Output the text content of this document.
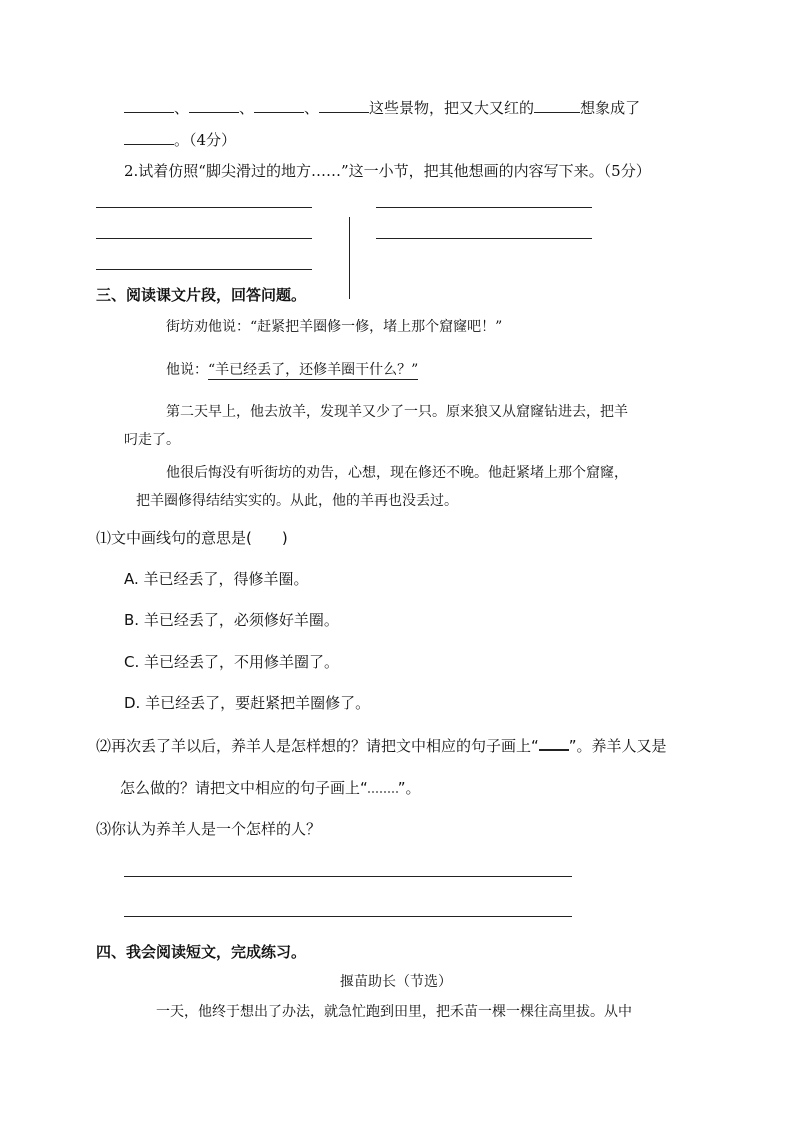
、	、	、	这些景物，把又大又红的	想象成了
。（4分）
2.试着仿照“脚尖滑过的地方……”这一小节，把其他想画的内容写下来。（5分）
三、阅读课文片段，回答问题。
街坊劝他说：“赶紧把羊圈修一修，堵上那个窟窿吧！”
他说：“羊已经丢了，还修羊圈干什么？”
第二天早上，他去放羊，发现羊又少了一只。原来狼又从窟窿钻进去，把羊
叼走了。
他很后悔没有听街坊的劝告，心想，现在修还不晚。他赶紧堵上那个窟窿，
把羊圈修得结结实实的。从此，他的羊再也没丢过。
⑴文中画线句的意思是(　　)
A. 羊已经丢了，得修羊圈。
B. 羊已经丢了，必须修好羊圈。
C. 羊已经丢了，不用修羊圈了。
D. 羊已经丢了，要赶紧把羊圈修了。
⑵再次丢了羊以后，养羊人是怎样想的？请把文中相应的句子画上“ ”。养羊人又是
怎么做的？请把文中相应的句子画上“ ”。
⑶你认为养羊人是一个怎样的人？
四、我会阅读短文，完成练习。
揠苗助长（节选）
一天，他终于想出了办法，就急忙跑到田里，把禾苗一棵一棵往高里拔。从中
